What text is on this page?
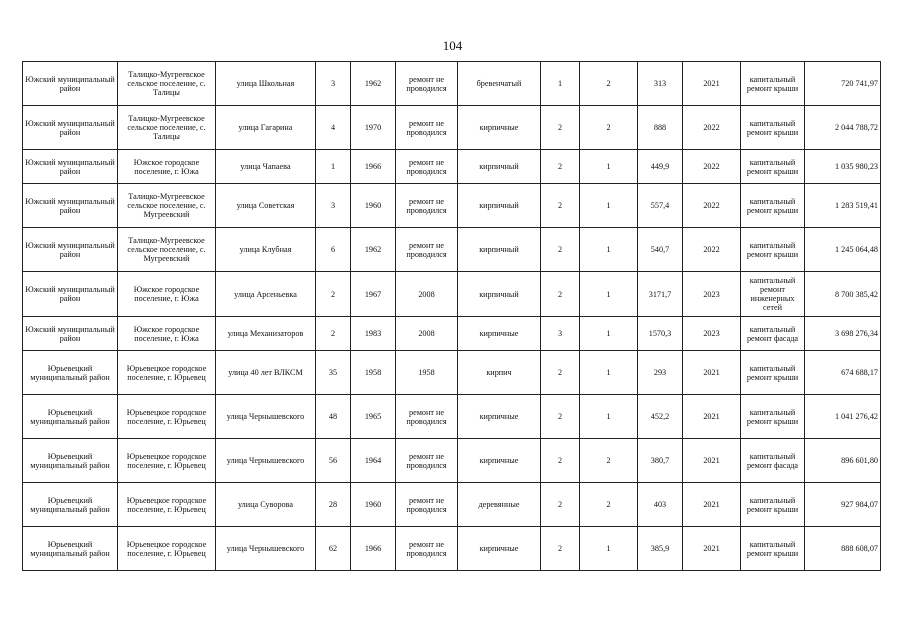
104
Южский муниципальный район	Талицко-Мугреевское сельское поселение, с. Талицы	улица Школьная	3	1962	ремонт не проводился	бревенчатый	1	2	313	2021	капитальный ремонт крыши	720 741,97
Южский муниципальный район	Талицко-Мугреевское сельское поселение, с. Талицы	улица Гагарина	4	1970	ремонт не проводился	кирпичные	2	2	888	2022	капитальный ремонт крыши	2 044 788,72
Южский муниципальный район	Южское городское поселение, г. Южа	улица Чапаева	1	1966	ремонт не проводился	кирпичный	2	1	449,9	2022	капитальный ремонт крыши	1 035 980,23
Южский муниципальный район	Талицко-Мугреевское сельское поселение, с. Мугреевский	улица Советская	3	1960	ремонт не проводился	кирпичный	2	1	557,4	2022	капитальный ремонт крыши	1 283 519,41
Южский муниципальный район	Талицко-Мугреевское сельское поселение, с. Мугреевский	улица Клубная	6	1962	ремонт не проводился	кирпичный	2	1	540,7	2022	капитальный ремонт крыши	1 245 064,48
Южский муниципальный район	Южское городское поселение, г. Южа	улица Арсеньевка	2	1967	2008	кирпичный	2	1	3171,7	2023	капитальный ремонт инженерных сетей	8 700 385,42
Южский муниципальный район	Южское городское поселение, г. Южа	улица Механизаторов	2	1983	2008	кирпичные	3	1	1570,3	2023	капитальный ремонт фасада	3 698 276,34
Юрьевецкий муниципальный район	Юрьевецкое городское поселение, г. Юрьевец	улица 40 лет ВЛКСМ	35	1958	1958	кирпич	2	1	293	2021	капитальный ремонт крыши	674 688,17
Юрьевецкий муниципальный район	Юрьевецкое городское поселение, г. Юрьевец	улица Чернышевского	48	1965	ремонт не проводился	кирпичные	2	1	452,2	2021	капитальный ремонт крыши	1 041 276,42
Юрьевецкий муниципальный район	Юрьевецкое городское поселение, г. Юрьевец	улица Чернышевского	56	1964	ремонт не проводился	кирпичные	2	2	380,7	2021	капитальный ремонт фасада	896 601,80
Юрьевецкий муниципальный район	Юрьевецкое городское поселение, г. Юрьевец	улица Суворова	28	1960	ремонт не проводился	деревянные	2	2	403	2021	капитальный ремонт крыши	927 984,07
Юрьевецкий муниципальный район	Юрьевецкое городское поселение, г. Юрьевец	улица Чернышевского	62	1966	ремонт не проводился	кирпичные	2	1	385,9	2021	капитальный ремонт крыши	888 608,07
